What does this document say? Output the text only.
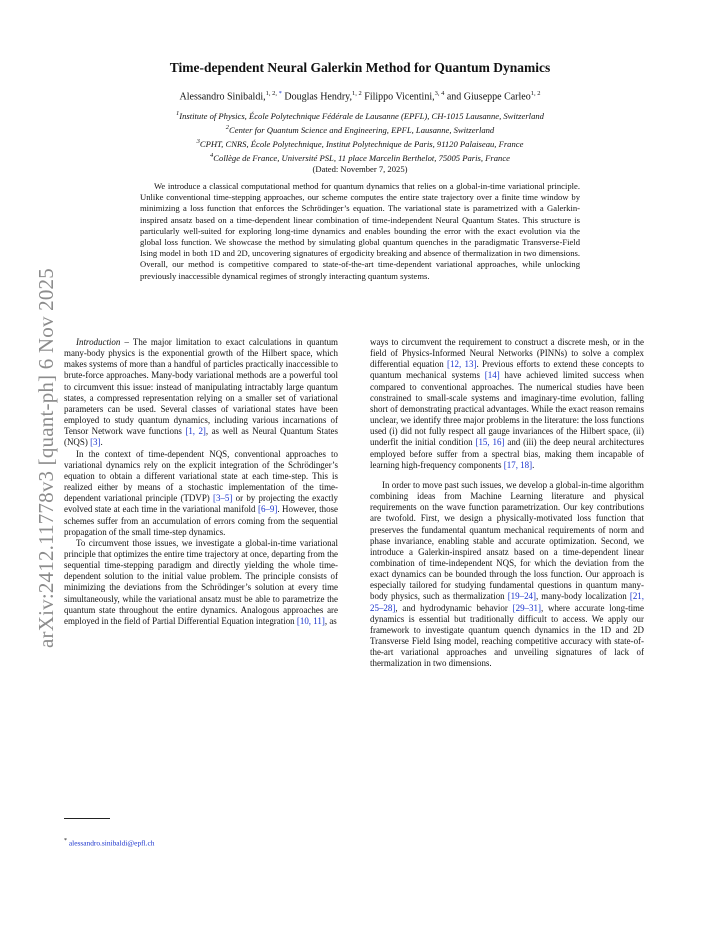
arXiv:2412.11778v3 [quant-ph] 6 Nov 2025
Time-dependent Neural Galerkin Method for Quantum Dynamics
Alessandro Sinibaldi,$^{1, 2, *}$ Douglas Hendry,$^{1, 2}$ Filippo Vicentini,$^{3, 4}$ and Giuseppe Carleo$^{1, 2}$
$^1$Institute of Physics, École Polytechnique Fédérale de Lausanne (EPFL), CH-1015 Lausanne, Switzerland
$^2$Center for Quantum Science and Engineering, EPFL, Lausanne, Switzerland
$^3$CPHT, CNRS, École Polytechnique, Institut Polytechnique de Paris, 91120 Palaiseau, France
$^4$Collège de France, Université PSL, 11 place Marcelin Berthelot, 75005 Paris, France
(Dated: November 7, 2025)
We introduce a classical computational method for quantum dynamics that relies on a global-in-time variational principle. Unlike conventional time-stepping approaches, our scheme computes the entire state trajectory over a finite time window by minimizing a loss function that enforces the Schrödinger’s equation. The variational state is parametrized with a Galerkin-inspired ansatz based on a time-dependent linear combination of time-independent Neural Quantum States. This structure is particularly well-suited for exploring long-time dynamics and enables bounding the error with the exact evolution via the global loss function. We showcase the method by simulating global quantum quenches in the paradigmatic Transverse-Field Ising model in both 1D and 2D, uncovering signatures of ergodicity breaking and absence of thermalization in two dimensions. Overall, our method is competitive compared to state-of-the-art time-dependent variational approaches, while unlocking previously inaccessible dynamical regimes of strongly interacting quantum systems.

Introduction – The major limitation to exact calculations in quantum many-body physics is the exponential growth of the Hilbert space, which makes systems of more than a handful of particles practically inaccessible to brute-force approaches. Many-body variational methods are a powerful tool to circumvent this issue: instead of manipulating intractably large quantum states, a compressed representation relying on a smaller set of variational parameters can be used. Several classes of variational states have been employed to study quantum dynamics, including various incarnations of Tensor Network wave functions [1, 2], as well as Neural Quantum States (NQS) [3].

In the context of time-dependent NQS, conventional approaches to variational dynamics rely on the explicit integration of the Schrödinger’s equation to obtain a different variational state at each time-step. This is realized either by means of a stochastic implementation of the time-dependent variational principle (TDVP) [3–5] or by projecting the exactly evolved state at each time in the variational manifold [6–9]. However, those schemes suffer from an accumulation of errors coming from the sequential propagation of the small time-step dynamics.

To circumvent those issues, we investigate a global-in-time variational principle that optimizes the entire time trajectory at once, departing from the sequential time-stepping paradigm and directly yielding the whole time-dependent solution to the initial value problem. The principle consists of minimizing the deviations from the Schrödinger’s solution at every time simultaneously, while the variational ansatz must be able to parametrize the quantum state throughout the entire dynamics. Analogous approaches are employed in the field of Partial Differential Equation integration [10, 11], as

ways to circumvent the requirement to construct a discrete mesh, or in the field of Physics-Informed Neural Networks (PINNs) to solve a complex differential equation [12, 13]. Previous efforts to extend these concepts to quantum mechanical systems [14] have achieved limited success when compared to conventional approaches. The numerical studies have been constrained to small-scale systems and imaginary-time evolution, falling short of demonstrating practical advantages. While the exact reason remains unclear, we identify three major problems in the literature: the loss functions used (i) did not fully respect all gauge invariances of the Hilbert space, (ii) underfit the initial condition [15, 16] and (iii) the deep neural architectures employed before suffer from a spectral bias, making them incapable of learning high-frequency components [17, 18].

In order to move past such issues, we develop a global-in-time algorithm combining ideas from Machine Learning literature and physical requirements on the wave function parametrization. Our key contributions are twofold. First, we design a physically-motivated loss function that preserves the fundamental quantum mechanical requirements of norm and phase invariance, enabling stable and accurate optimization. Second, we introduce a Galerkin-inspired ansatz based on a time-dependent linear combination of time-independent NQS, for which the deviation from the exact dynamics can be bounded through the loss function. Our approach is especially tailored for studying fundamental questions in quantum many-body physics, such as thermalization [19–24], many-body localization [21, 25–28], and hydrodynamic behavior [29–31], where accurate long-time dynamics is essential but traditionally difficult to access. We apply our framework to investigate quantum quench dynamics in the 1D and 2D Transverse Field Ising model, reaching competitive accuracy with state-of-the-art variational approaches and unveiling signatures of lack of thermalization in two dimensions.

* alessandro.sinibaldi@epfl.ch
